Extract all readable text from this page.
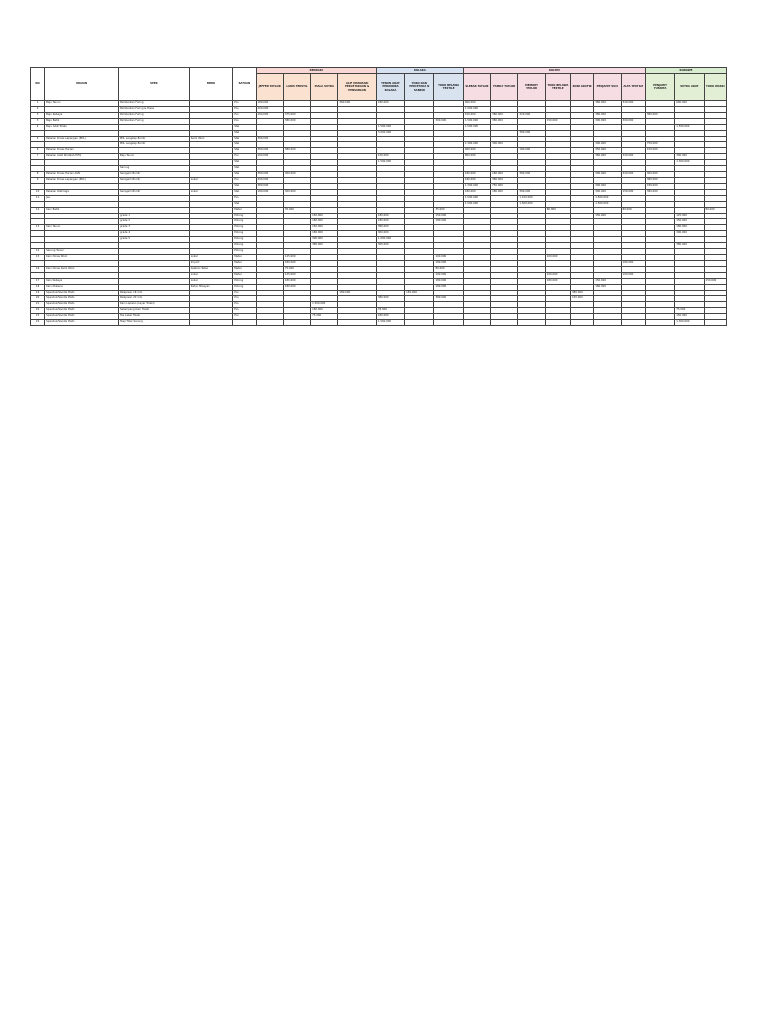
NO	URAIAN	SPEK	MERK	SATUAN	KENDARI				KOLAKA			KOLTIM							KONAWE		
					JEFFEN TAYLOR	LARIS TEKSTIL	PIALA SUTRA	ALIF MATAHARI PERCETAKAAN & PENSABLON	TENUN ADAT PEDONDRA KOLAKA	TOKO DAN PERCETAKA N SABRIN	TOKO BELAWA TEXTILE	SLEBAR TAYLOR	FAMILY TAYLOR	MEMORY TAYLOR	TOKO BELAWA TEXTILE	RONI GRAFIK	PENJAHIT SUCI	ALFA TEXTILE	PENJAHIT YUSNITA	SUTRA ADAT	TOKO WASKI
1	Baju Tenun	Pemberkan Furing		Pcs	180.000			380.000	180.000			900.000					380.000	320.000		600.000	
2		Pemberkan Furing & Press		Pcs	200.000							1.000.000									
3	Baju Kebaya	Pemberkan Furing		Pcs	160.000	375.000						100.000	380.000	320.000			380.000		380.000		
3	Baju Batik	Pemberkan Furing		Pcs		380.000					300.000	1.500.000	380.000		150.000		300.000	300.000			
4	Baju Adat Tolaki			Stel					1.500.000			1.500.000								1.500.000	
				Stel					3.000.000					380.000							
5	Pakaian Dinas Lapangan (PDL)	PDL Lengkap Bordir	Semi Wool	Stel	380.000																
		PDL Lengkap Bordir		Stel								1.300.000	300.000				300.000		750.000		
6	Pakaian Dinas Harian			Stel	380.000	380.000						900.000		180.000			350.000		150.000		
7	Pakaian Adat Khatkah MTQ	Baju Tenun		Pcs	160.000				120.000			800.000					380.000	320.000		300.000	
				Stel					1.500.000											1.300.000	
		Sarung		Stel																	
8	Pakaian Dinas Harian ASN	Seragam Bordir		Stel	380.000	300.000						180.000	180.000	380.000			300.000	320.000	300.000		
9	Pakaian Dinas Lapangan (PDL)	Seragam Bordir	Lokal	Pcs	300.000							180.000	380.000						380.000		
				Stel	380.000							1.300.000	750.000				300.000		180.000		
10	Pakaian Olahraga	Seragam Bordir	Lokal	Stel	180.000	300.000						180.000	180.000	380.000			300.000	150.000	380.000		
11	Jas			Pcs								1.500.000		1.100.000			1.500.000				
				Stel								1.500.000		1.500.000			1.500.000				
12	Kain Batik			Meter		35.000					35.000				80.000			80.000			80.000
		grade 1		Potong			150.000		180.000		150.000						150.000			125.000	
		grade 2		Potong			180.000		180.000		180.000									150.000	
13	Kain Tenun	grade 3		Potong			150.000		380.000											180.000	
		grade 4		Potong			180.000		300.000											300.000	
		grade 5		Potong			300.000		1.000.000												
				Potong			380.000		300.000											380.000	
14	Sarung Tenun			Potong																	
15	Kain Dinas Wool		Lokal	Meter		125.000					100.000				100.000						
			Import	Meter		180.000					180.000							180.000			
16	Kain Dinas Semi Wool		Asahan Tetex	Meter		75.000					80.000										
			Lokal	Meter		125.000					100.000				100.000			100.000			
17	Kain Kebaya		Lokal	Potong		180.000					180.000				180.000		150.000				150.000
18	Kain Mukena		Katun Misayan	Potong		180.000					180.000						180.000				
19	Spanduk/Sandai Plato	Pelapisan 18 mm		Pcs				180.000		150.000						380.000					
20	Spanduk/Sandai Plato	Pelapisan 20 mm		Pcs					380.000		380.000					150.000					
21	Spanduk/Sandai Plato	Kain Lapisan (Layar Tolaki)		Pcs			1.300.000														
22	Spanduk/Sandai Plato	Selempang Kain Tolaki		Pcs			180.000		78.000											75.000	
23	Spanduk/Sandai Plato	Tas Label Tolaki		Pcs			75.000		180.000											150.000	
24	Spanduk/Sandai Plato	Tasji Tikar Sarung							1.500.000											1.300.000	
